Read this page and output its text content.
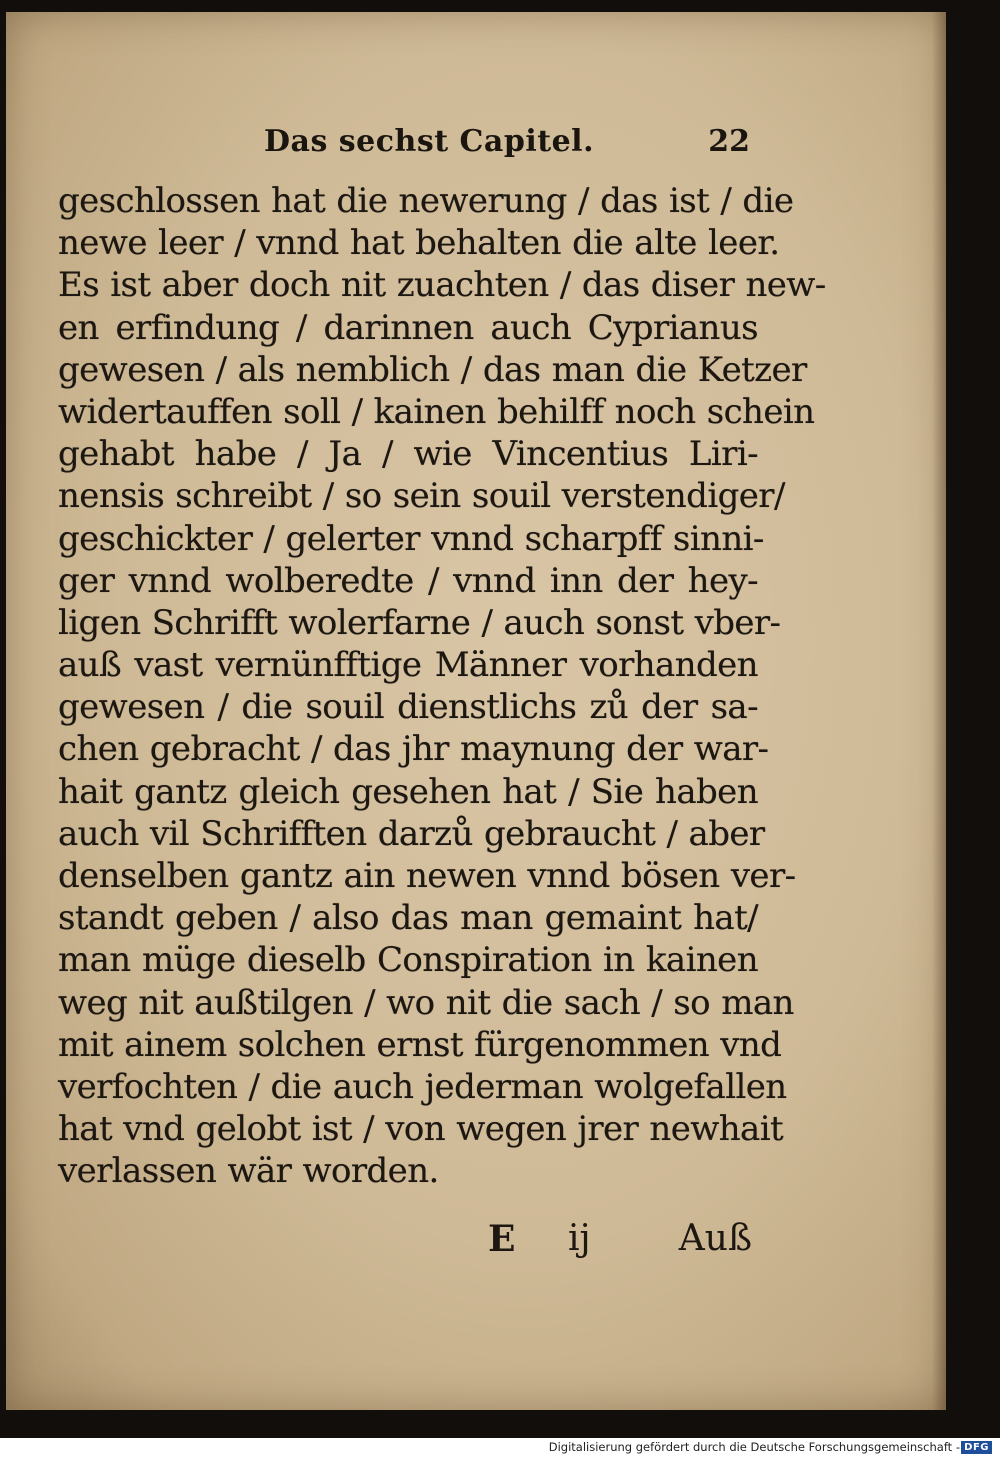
Das sechst Capitel.	22
geschlossen hat die newerung / das ist / die
newe leer / vnnd hat behalten die alte leer.
Es ist aber doch nit zuachten / das diser new-
en erfindung / darinnen auch Cyprianus
gewesen / als nemblich / das man die Ketzer
widertauffen soll / kainen behilff noch schein
gehabt habe / Ja / wie Vincentius Liri-
nensis schreibt / so sein souil verstendiger/
geschickter / gelerter vnnd scharpff sinni-
ger vnnd wolberedte / vnnd inn der hey-
ligen Schrifft wolerfarne / auch sonst vber-
auß vast vernünfftige Männer vorhanden
gewesen / die souil dienstlichs zů der sa-
chen gebracht / das jhr maynung der war-
hait gantz gleich gesehen hat / Sie haben
auch vil Schrifften darzů gebraucht / aber
denselben gantz ain newen vnnd bösen ver-
standt geben / also das man gemaint hat/
man müge dieselb Conspiration in kainen
weg nit außtilgen / wo nit die sach / so man
mit ainem solchen ernst fürgenommen vnd
verfochten / die auch jederman wolgefallen
hat vnd gelobt ist / von wegen jrer newhait
verlassen wär worden.
E ij Auß
Digitalisierung gefördert durch die Deutsche Forschungsgemeinschaft - DFG
